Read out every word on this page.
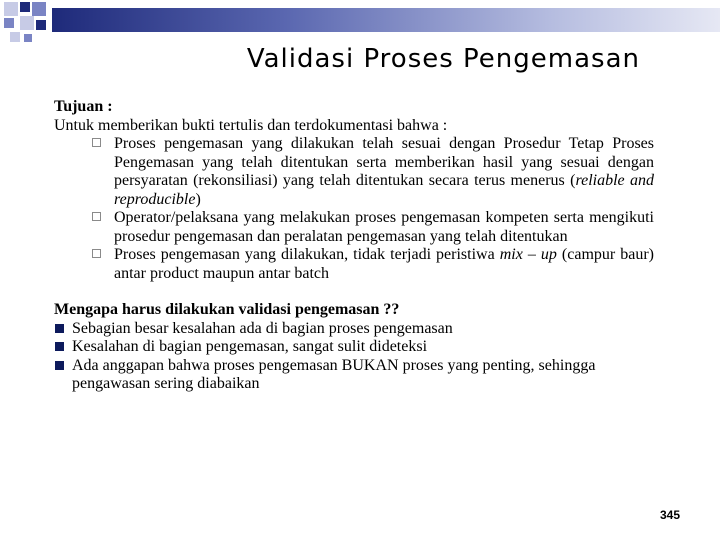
Validasi Proses Pengemasan
Tujuan :
Untuk memberikan bukti tertulis dan terdokumentasi bahwa :
Proses pengemasan yang dilakukan telah sesuai dengan Prosedur Tetap Proses Pengemasan yang telah ditentukan serta memberikan hasil yang sesuai dengan persyaratan (rekonsiliasi) yang telah ditentukan secara terus menerus (reliable and reproducible)
Operator/pelaksana yang melakukan proses pengemasan kompeten serta mengikuti prosedur pengemasan dan peralatan pengemasan yang telah ditentukan
Proses pengemasan yang dilakukan, tidak terjadi peristiwa mix – up (campur baur) antar product maupun antar batch
Mengapa harus dilakukan validasi pengemasan ??
Sebagian besar kesalahan ada di bagian proses pengemasan
Kesalahan di bagian pengemasan, sangat sulit dideteksi
Ada anggapan bahwa proses pengemasan BUKAN proses yang penting, sehingga pengawasan sering diabaikan
345
